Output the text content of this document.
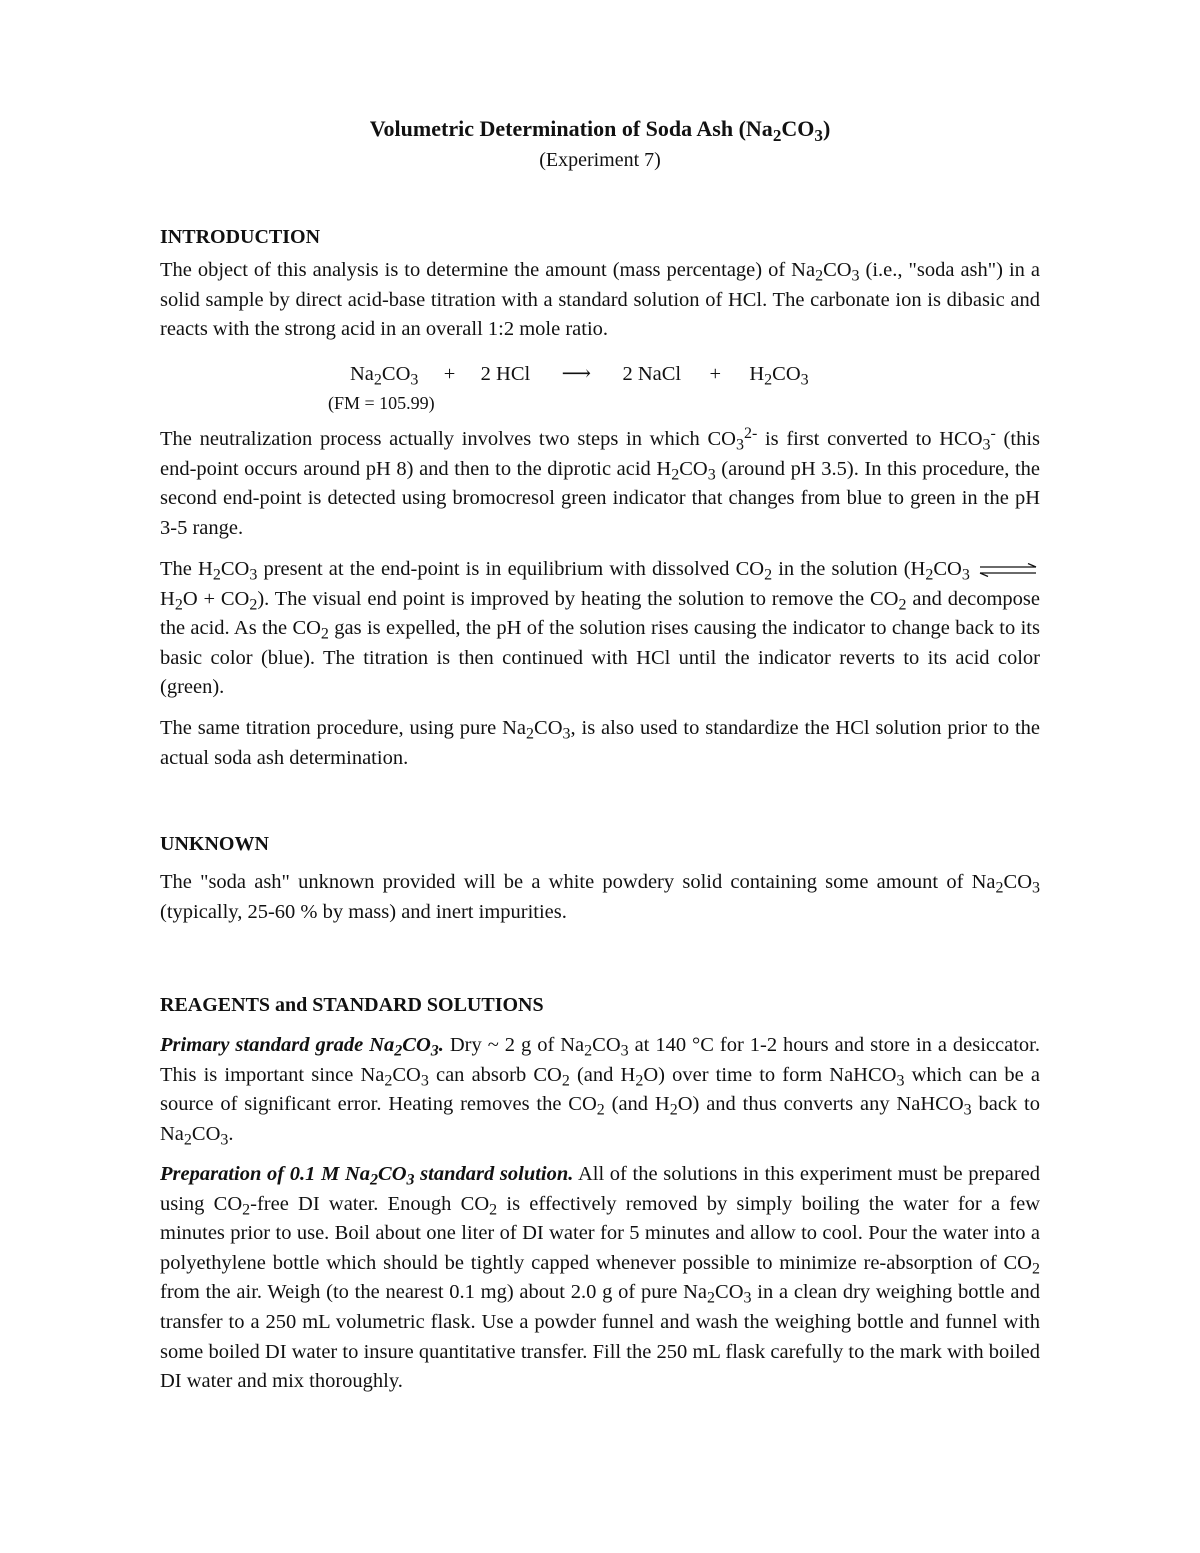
Volumetric Determination of Soda Ash $(Na_2CO_3)$
(Experiment 7)
INTRODUCTION
The object of this analysis is to determine the amount (mass percentage) of $Na_2CO_3$ (i.e., "soda ash") in a solid sample by direct acid-base titration with a standard solution of HCl. The carbonate ion is dibasic and reacts with the strong acid in an overall 1:2 mole ratio.
$Na_2CO_3 + 2$ HCl ⟶ 2 NaCl + $H_2CO_3$
(FM = 105.99)
The neutralization process actually involves two steps in which $CO_3^{2-}$ is first converted to $HCO_3^-$ (this end-point occurs around pH 8) and then to the diprotic acid $H_2CO_3$ (around pH 3.5). In this procedure, the second end-point is detected using bromocresol green indicator that changes from blue to green in the pH 3-5 range.
The $H_2CO_3$ present at the end-point is in equilibrium with dissolved $CO_2$ in the solution ($H_2CO_3$ ⇌ $H_2O + CO_2$). The visual end point is improved by heating the solution to remove the $CO_2$ and decompose the acid. As the $CO_2$ gas is expelled, the pH of the solution rises causing the indicator to change back to its basic color (blue). The titration is then continued with HCl until the indicator reverts to its acid color (green).
The same titration procedure, using pure $Na_2CO_3$, is also used to standardize the HCl solution prior to the actual soda ash determination.
UNKNOWN
The "soda ash" unknown provided will be a white powdery solid containing some amount of $Na_2CO_3$ (typically, 25-60 % by mass) and inert impurities.
REAGENTS and STANDARD SOLUTIONS
Primary standard grade $Na_2CO_3$. Dry ~ 2 g of $Na_2CO_3$ at 140 °C for 1-2 hours and store in a desiccator. This is important since $Na_2CO_3$ can absorb $CO_2$ (and $H_2O$) over time to form NaHCO$_3$ which can be a source of significant error. Heating removes the $CO_2$ (and $H_2O$) and thus converts any NaHCO$_3$ back to $Na_2CO_3$.
Preparation of 0.1 M $Na_2CO_3$ standard solution. All of the solutions in this experiment must be prepared using $CO_2$-free DI water. Enough $CO_2$ is effectively removed by simply boiling the water for a few minutes prior to use. Boil about one liter of DI water for 5 minutes and allow to cool. Pour the water into a polyethylene bottle which should be tightly capped whenever possible to minimize re-absorption of $CO_2$ from the air. Weigh (to the nearest 0.1 mg) about 2.0 g of pure $Na_2CO_3$ in a clean dry weighing bottle and transfer to a 250 mL volumetric flask. Use a powder funnel and wash the weighing bottle and funnel with some boiled DI water to insure quantitative transfer. Fill the 250 mL flask carefully to the mark with boiled DI water and mix thoroughly.
